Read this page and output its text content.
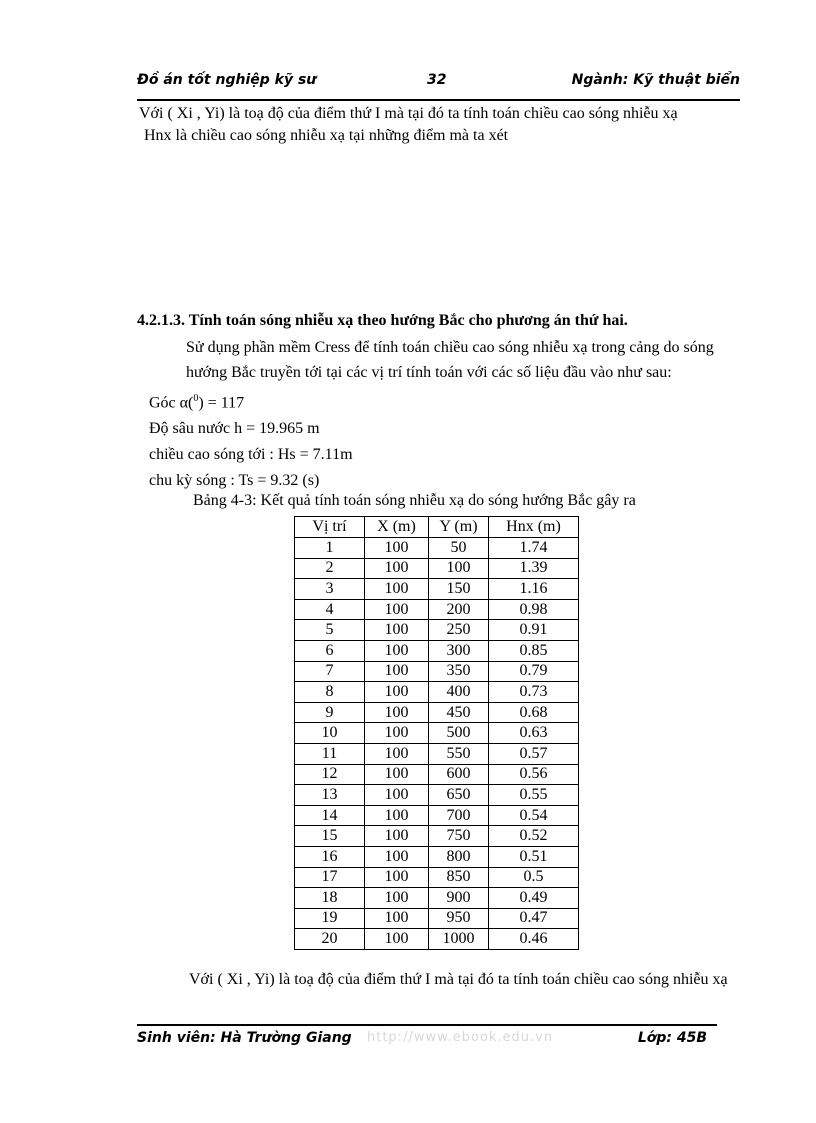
Đồ án tốt nghiệp kỹ sư	32	Ngành: Kỹ thuật biển
Với ( Xi , Yi) là toạ độ của điểm thứ I mà tại đó ta tính toán chiều cao sóng nhiễu xạ
Hnx là chiều cao sóng nhiễu xạ tại những điểm mà ta xét
4.2.1.3. Tính toán sóng nhiễu xạ theo hướng Bắc cho phương án thứ hai.
Sử dụng phần mềm Cress để tính toán chiều cao sóng nhiễu xạ trong cảng do sóng hướng Bắc truyền tới tại các vị trí tính toán với các số liệu đầu vào như sau:
Góc α($^0$) = 117
Độ sâu nước h = 19.965 m
chiều cao sóng tới : Hs = 7.11m
chu kỳ sóng : Ts = 9.32 (s)
Bảng 4-3: Kết quả tính toán sóng nhiễu xạ do sóng hướng Bắc gây ra
Vị trí	X (m)	Y (m)	Hnx (m)
1	100	50	1.74
2	100	100	1.39
3	100	150	1.16
4	100	200	0.98
5	100	250	0.91
6	100	300	0.85
7	100	350	0.79
8	100	400	0.73
9	100	450	0.68
10	100	500	0.63
11	100	550	0.57
12	100	600	0.56
13	100	650	0.55
14	100	700	0.54
15	100	750	0.52
16	100	800	0.51
17	100	850	0.5
18	100	900	0.49
19	100	950	0.47
20	100	1000	0.46
Với ( Xi , Yi) là toạ độ của điểm thứ I mà tại đó ta tính toán chiều cao sóng nhiễu xạ
Sinh viên: Hà Trường Giang http://www.ebook.edu.vn	Lớp: 45B
